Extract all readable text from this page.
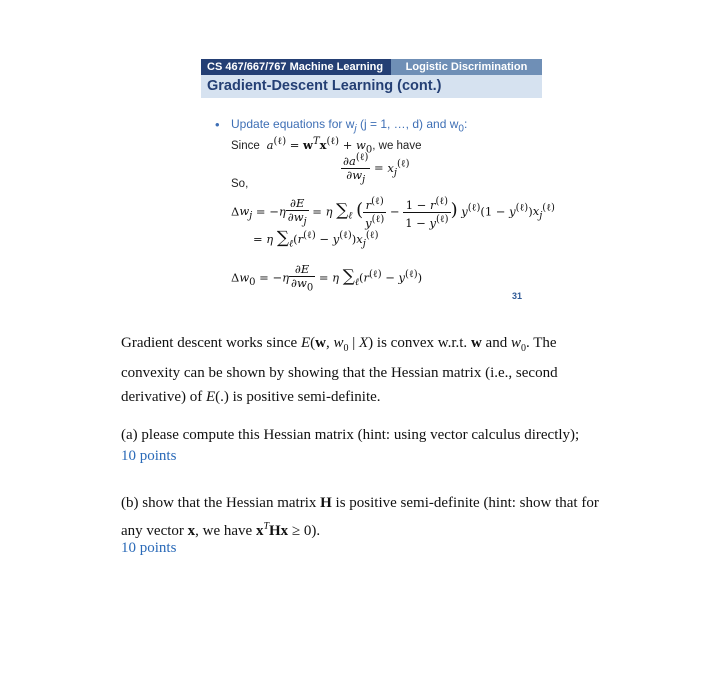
CS 467/667/767 Machine Learning	Logistic Discrimination
Gradient-Descent Learning (cont.)
• Update equations for $w_j$ (j = 1, …, d) and $w_0$:
Since $a^{(\ell)} = w^Tx^{(\ell)} + w_0$, we have
$\frac{\partial a^{(\ell)}}{\partial w_j} = x_j^{(\ell)}$
So,
$\Delta w_j = -\eta \frac{\partial E}{\partial w_j} = \eta$ $\sum_\ell$ ( $\frac{r^{(\ell)}}{y^{(\ell)}} - \frac{1 - r^{(\ell)}}{1 - y^{(\ell)}}$ ) $y^{(\ell)}(1 - y^{(\ell)})x_j^{(\ell)}$
= η $\sum_\ell(r^{(\ell)} - y^{(\ell)})x_j^{(\ell)}$
$\Delta w_0 = -\eta \frac{\partial E}{\partial w_0} = \eta$ $\sum_\ell(r^{(\ell)} - y^{(\ell)})$
31
Gradient descent works since E(w, $w_0$ | X) is convex w.r.t. w and $w_0$. The
convexity can be shown by showing that the Hessian matrix (i.e., second
derivative) of E(.) is positive semi-definite.
(a) please compute this Hessian matrix (hint: using vector calculus directly);
10 points
(b) show that the Hessian matrix H is positive semi-definite (hint: show that for
any vector x, we have $x^THx \ge 0$).
10 points
